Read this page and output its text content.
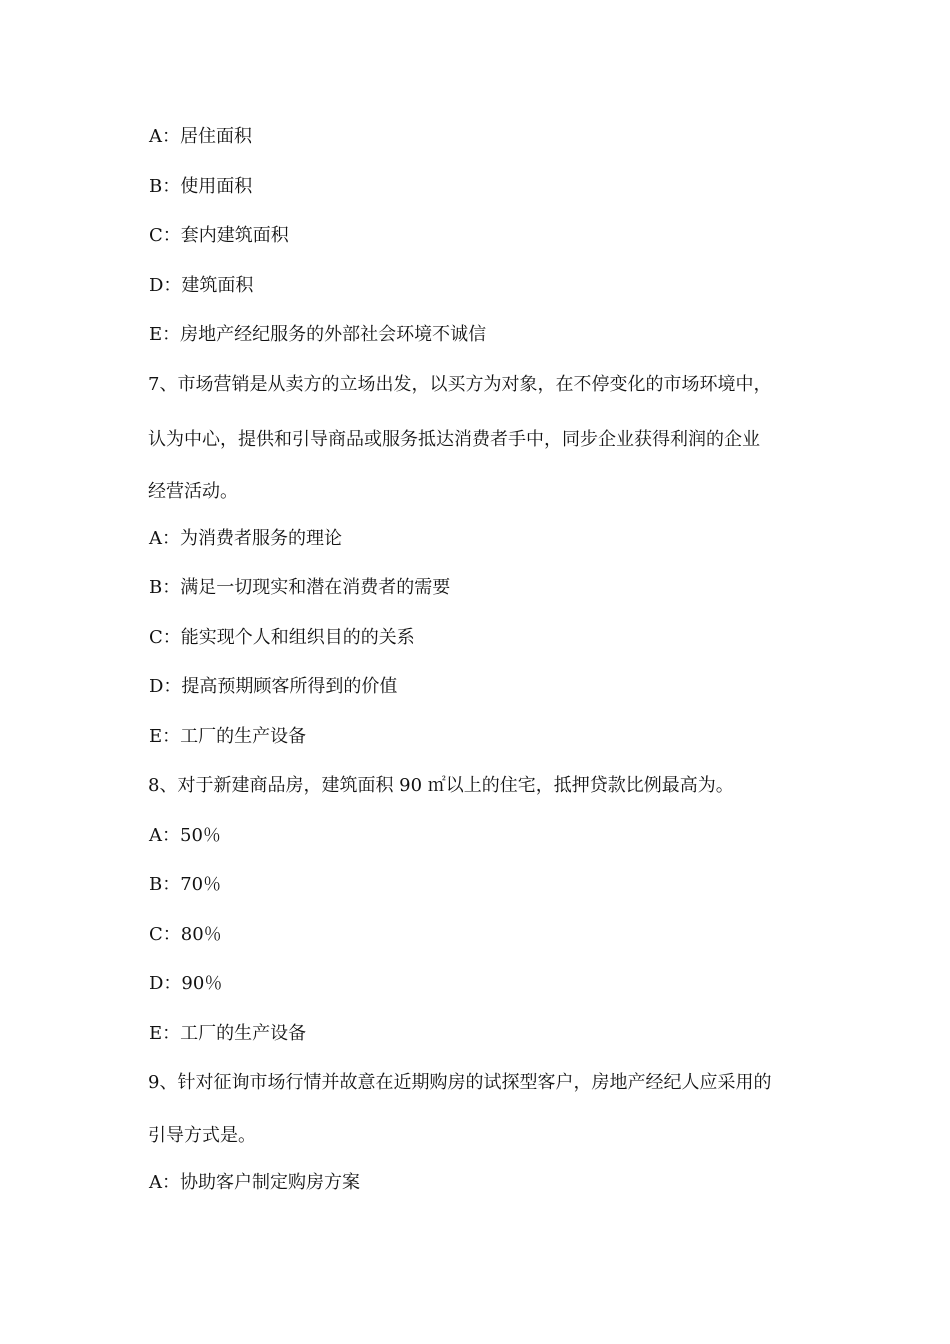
A：居住面积
B：使用面积
C：套内建筑面积
D：建筑面积
E：房地产经纪服务的外部社会环境不诚信
7、市场营销是从卖方的立场出发，以买方为对象，在不停变化的市场环境中，
认为中心，提供和引导商品或服务抵达消费者手中，同步企业获得利润的企业
经营活动。
A：为消费者服务的理论
B：满足一切现实和潜在消费者的需要
C：能实现个人和组织目的的关系
D：提高预期顾客所得到的价值
E：工厂的生产设备
8、对于新建商品房，建筑面积 90 ㎡以上的住宅，抵押贷款比例最高为。
A：50％
B：70％
C：80％
D：90％
E：工厂的生产设备
9、针对征询市场行情并故意在近期购房的试探型客户，房地产经纪人应采用的
引导方式是。
A：协助客户制定购房方案
